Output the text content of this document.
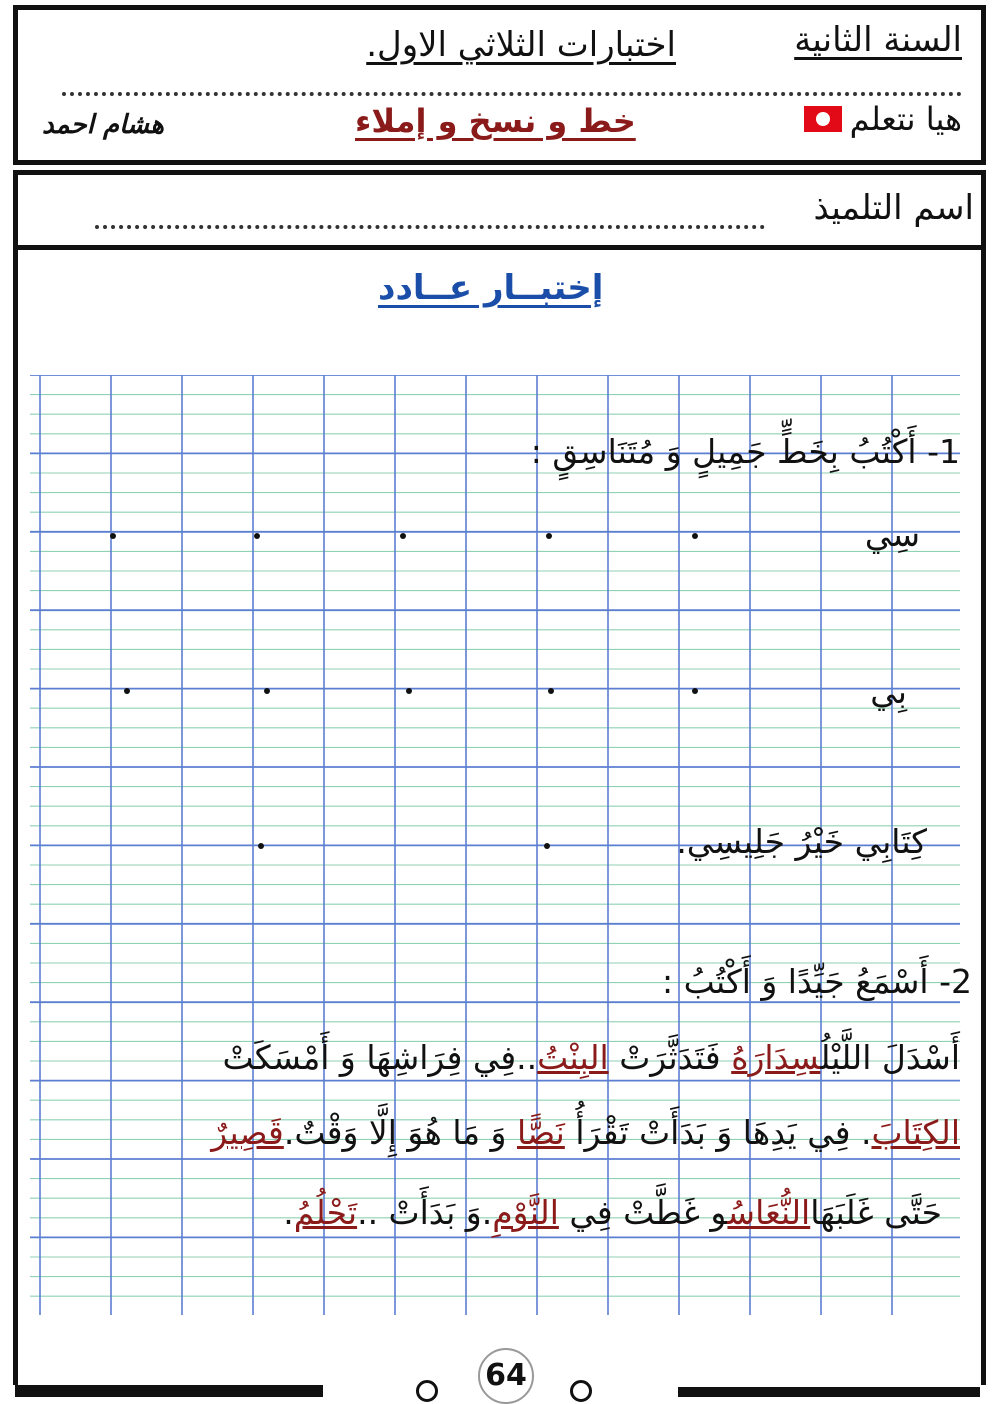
السنة الثانية
اختبارات الثلاثي الاول.
هيا نتعلم
خط و نسخ و إملاء
هشام احمد
اسم التلميذ
إختبــار عــادد
1- أَكْتُبُ بِخَطٍّ جَمِيلٍ وَ مُتَنَاسِقٍ :
سِي
بِي
كِتَابِي خَيْرُ جَلِيسِي.
2- أَسْمَعُ جَيِّدًا وَ أَكْتُبُ :
أَسْدَلَ اللَّيْلُسِدَارَهُ فَتَدَثَّرَتْ البِنْتُ..فِي فِرَاشِهَا وَ أَمْسَكَتْ
الكِتَابَ. فِي يَدِهَا وَ بَدَأَتْ تَقْرَأُ نَصًّا وَ مَا هُوَ إِلَّا وَقْتٌ.قَصِيرٌ
حَتَّى غَلَبَهَاالنُّعَاسُو غَطَّتْ فِي النَّوْمِ.وَ بَدَأَتْ ..تَحْلُمُ.
64
